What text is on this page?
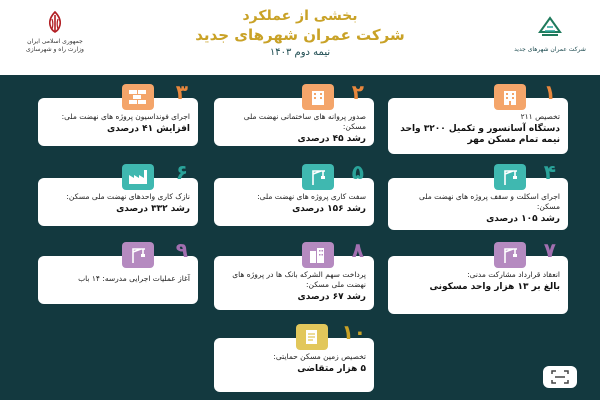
جمهوری اسلامی ایران
وزارت راه و شهرسازی
بخشی از عملکرد
شرکت عمران شهرهای جدید
نیمه دوم ۱۴۰۳	شرکت عمران شهرهای جدید
۱
تخصیص ۲۱۱
دستگاه آسانسور و تکمیل ۳۲۰۰ واحد نیمه تمام مسکن مهر
۲
صدور پروانه های ساختمانی نهضت ملی مسکن:
رشد ۴۵ درصدی
۳
اجرای فونداسیون پروژه های نهضت ملی:
افزایش ۴۱ درصدی
۴
اجرای اسکلت و سقف پروژه های نهضت ملی مسکن:
رشد ۱۰۵ درصدی
۵
سفت کاری پروژه های نهضت ملی:
رشد ۱۵۶ درصدی
۶
نازک کاری واحدهای نهضت ملی مسکن:
رشد ۳۳۲ درصدی
۷
انعقاد قرارداد مشارکت مدنی:
بالغ بر ۱۳ هزار واحد مسکونی
۸
پرداخت سهم الشرکه بانک ها در پروژه های نهضت ملی مسکن:
رشد ۶۷ درصدی
۹
آغاز عملیات اجرایی مدرسه: ۱۴ باب
۱۰
تخصیص زمین مسکن حمایتی:
۵ هزار متقاضی
